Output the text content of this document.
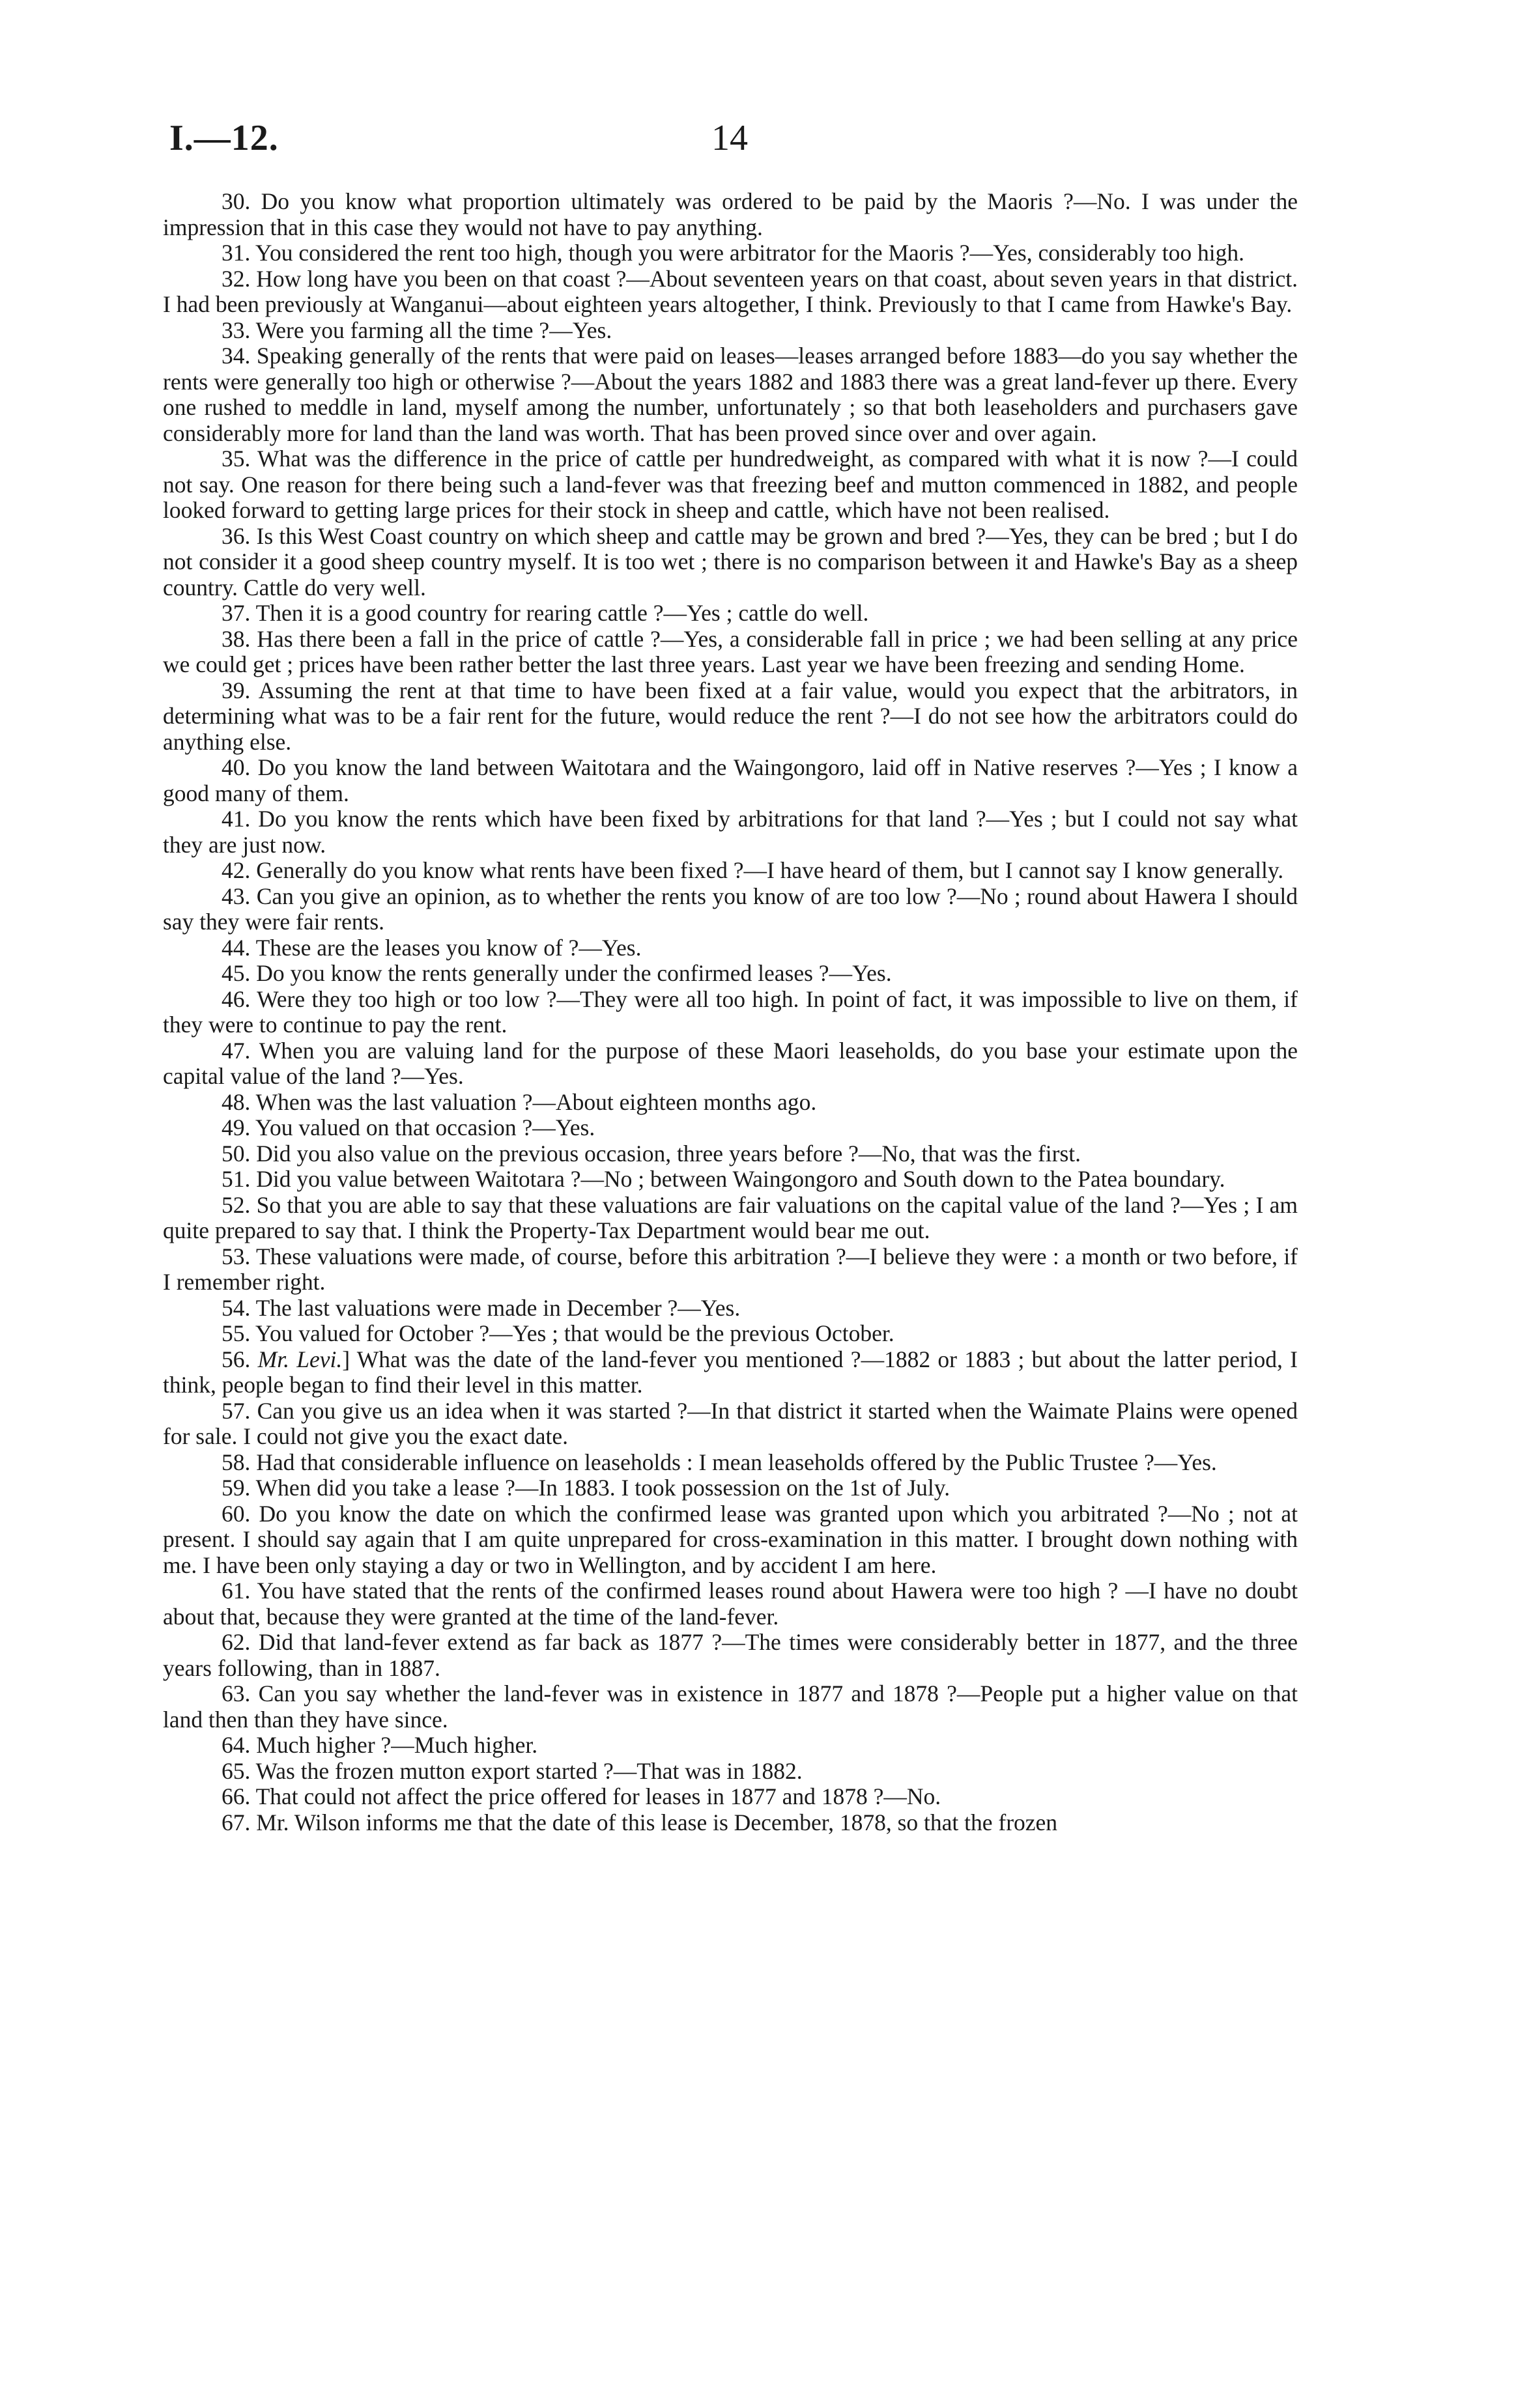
I.—12.	14

30. Do you know what proportion ultimately was ordered to be paid by the Maoris ?—No. I was under the impression that in this case they would not have to pay anything.

31. You considered the rent too high, though you were arbitrator for the Maoris ?—Yes, considerably too high.

32. How long have you been on that coast ?—About seventeen years on that coast, about seven years in that district. I had been previously at Wanganui—about eighteen years altogether, I think. Previously to that I came from Hawke's Bay.

33. Were you farming all the time ?—Yes.

34. Speaking generally of the rents that were paid on leases—leases arranged before 1883—do you say whether the rents were generally too high or otherwise ?—About the years 1882 and 1883 there was a great land-fever up there. Every one rushed to meddle in land, myself among the number, unfortunately ; so that both leaseholders and purchasers gave considerably more for land than the land was worth. That has been proved since over and over again.

35. What was the difference in the price of cattle per hundredweight, as compared with what it is now ?—I could not say. One reason for there being such a land-fever was that freezing beef and mutton commenced in 1882, and people looked forward to getting large prices for their stock in sheep and cattle, which have not been realised.

36. Is this West Coast country on which sheep and cattle may be grown and bred ?—Yes, they can be bred ; but I do not consider it a good sheep country myself. It is too wet ; there is no comparison between it and Hawke's Bay as a sheep country. Cattle do very well.

37. Then it is a good country for rearing cattle ?—Yes ; cattle do well.

38. Has there been a fall in the price of cattle ?—Yes, a considerable fall in price ; we had been selling at any price we could get ; prices have been rather better the last three years. Last year we have been freezing and sending Home.

39. Assuming the rent at that time to have been fixed at a fair value, would you expect that the arbitrators, in determining what was to be a fair rent for the future, would reduce the rent ?—I do not see how the arbitrators could do anything else.

40. Do you know the land between Waitotara and the Waingongoro, laid off in Native reserves ?—Yes ; I know a good many of them.

41. Do you know the rents which have been fixed by arbitrations for that land ?—Yes ; but I could not say what they are just now.

42. Generally do you know what rents have been fixed ?—I have heard of them, but I cannot say I know generally.

43. Can you give an opinion, as to whether the rents you know of are too low ?—No ; round about Hawera I should say they were fair rents.

44. These are the leases you know of ?—Yes.

45. Do you know the rents generally under the confirmed leases ?—Yes.

46. Were they too high or too low ?—They were all too high. In point of fact, it was impossible to live on them, if they were to continue to pay the rent.

47. When you are valuing land for the purpose of these Maori leaseholds, do you base your estimate upon the capital value of the land ?—Yes.

48. When was the last valuation ?—About eighteen months ago.

49. You valued on that occasion ?—Yes.

50. Did you also value on the previous occasion, three years before ?—No, that was the first.

51. Did you value between Waitotara ?—No ; between Waingongoro and South down to the Patea boundary.

52. So that you are able to say that these valuations are fair valuations on the capital value of the land ?—Yes ; I am quite prepared to say that. I think the Property-Tax Department would bear me out.

53. These valuations were made, of course, before this arbitration ?—I believe they were : a month or two before, if I remember right.

54. The last valuations were made in December ?—Yes.

55. You valued for October ?—Yes ; that would be the previous October.

56. Mr. Levi.] What was the date of the land-fever you mentioned ?—1882 or 1883 ; but about the latter period, I think, people began to find their level in this matter.

57. Can you give us an idea when it was started ?—In that district it started when the Waimate Plains were opened for sale. I could not give you the exact date.

58. Had that considerable influence on leaseholds : I mean leaseholds offered by the Public Trustee ?—Yes.

59. When did you take a lease ?—In 1883. I took possession on the 1st of July.

60. Do you know the date on which the confirmed lease was granted upon which you arbitrated ?—No ; not at present. I should say again that I am quite unprepared for cross-examination in this matter. I brought down nothing with me. I have been only staying a day or two in Wellington, and by accident I am here.

61. You have stated that the rents of the confirmed leases round about Hawera were too high ? —I have no doubt about that, because they were granted at the time of the land-fever.

62. Did that land-fever extend as far back as 1877 ?—The times were considerably better in 1877, and the three years following, than in 1887.

63. Can you say whether the land-fever was in existence in 1877 and 1878 ?—People put a higher value on that land then than they have since.

64. Much higher ?—Much higher.

65. Was the frozen mutton export started ?—That was in 1882.

66. That could not affect the price offered for leases in 1877 and 1878 ?—No.

67. Mr. Wilson informs me that the date of this lease is December, 1878, so that the frozen
